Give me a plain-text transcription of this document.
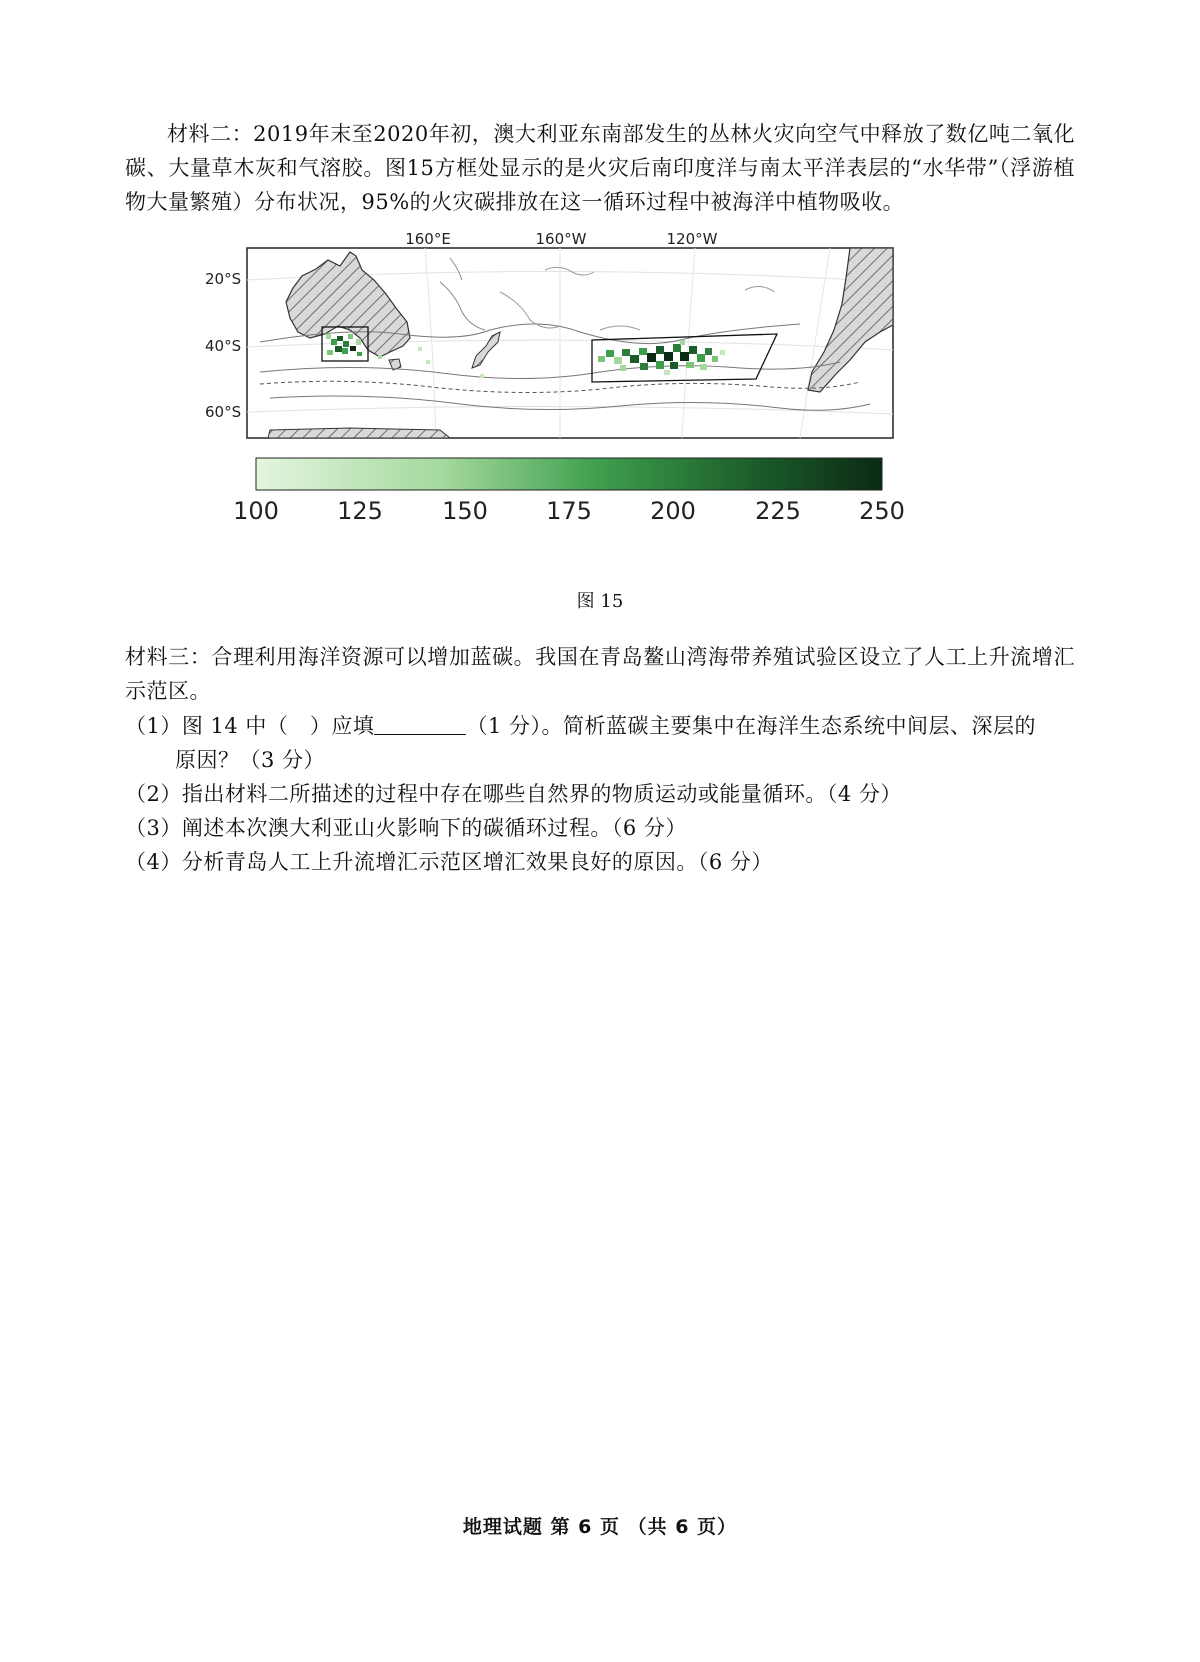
材料二：2019年末至2020年初，澳大利亚东南部发生的丛林火灾向空气中释放了数亿吨二氧化碳、大量草木灰和气溶胶。图15方框处显示的是火灾后南印度洋与南太平洋表层的“水华带”（浮游植物大量繁殖）分布状况，95%的火灾碳排放在这一循环过程中被海洋中植物吸收。

160°E	160°W	120°W
20°S
40°S
60°S
100 125 150 175 200 225 250
图 15

材料三：合理利用海洋资源可以增加蓝碳。我国在青岛鳌山湾海带养殖试验区设立了人工上升流增汇示范区。

（1）图 14 中（　）应填	（1 分）。简析蓝碳主要集中在海洋生态系统中间层、深层的
原因？（3 分）

（2）指出材料二所描述的过程中存在哪些自然界的物质运动或能量循环。（4 分）

（3）阐述本次澳大利亚山火影响下的碳循环过程。（6 分）

（4）分析青岛人工上升流增汇示范区增汇效果良好的原因。（6 分）

地理试题 第 6 页 （共 6 页）
